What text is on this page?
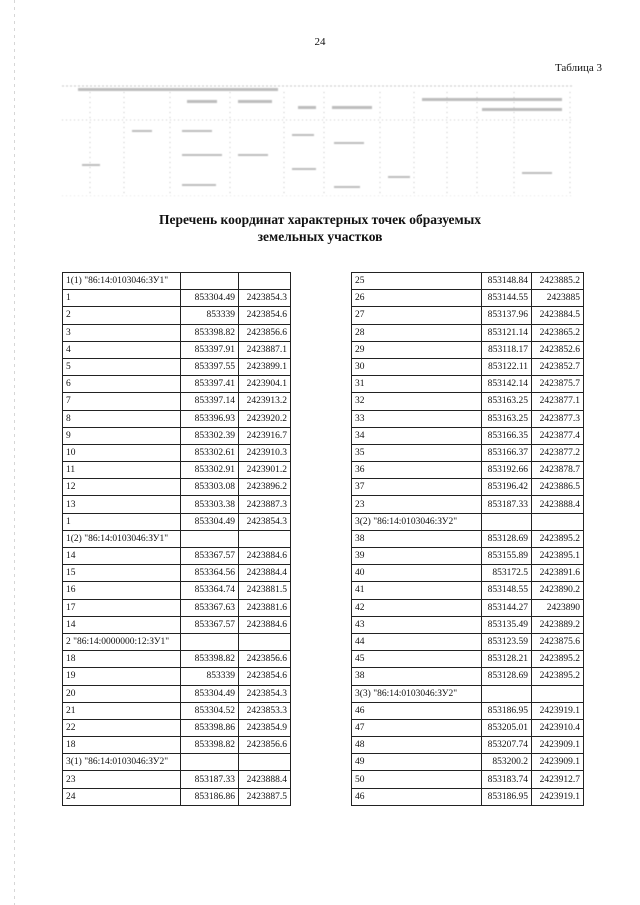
24
Таблица 3
Перечень координат характерных точек образуемых
земельных участков
1(1) "86:14:0103046:ЗУ1"		
1	853304.49	2423854.3
2	853339	2423854.6
3	853398.82	2423856.6
4	853397.91	2423887.1
5	853397.55	2423899.1
6	853397.41	2423904.1
7	853397.14	2423913.2
8	853396.93	2423920.2
9	853302.39	2423916.7
10	853302.61	2423910.3
11	853302.91	2423901.2
12	853303.08	2423896.2
13	853303.38	2423887.3
1	853304.49	2423854.3
1(2) "86:14:0103046:ЗУ1"		
14	853367.57	2423884.6
15	853364.56	2423884.4
16	853364.74	2423881.5
17	853367.63	2423881.6
14	853367.57	2423884.6
2 "86:14:0000000:12:ЗУ1"		
18	853398.82	2423856.6
19	853339	2423854.6
20	853304.49	2423854.3
21	853304.52	2423853.3
22	853398.86	2423854.9
18	853398.82	2423856.6
3(1) "86:14:0103046:ЗУ2"		
23	853187.33	2423888.4
24	853186.86	2423887.5
25	853148.84	2423885.2
26	853144.55	2423885
27	853137.96	2423884.5
28	853121.14	2423865.2
29	853118.17	2423852.6
30	853122.11	2423852.7
31	853142.14	2423875.7
32	853163.25	2423877.1
33	853163.25	2423877.3
34	853166.35	2423877.4
35	853166.37	2423877.2
36	853192.66	2423878.7
37	853196.42	2423886.5
23	853187.33	2423888.4
3(2) "86:14:0103046:ЗУ2"		
38	853128.69	2423895.2
39	853155.89	2423895.1
40	853172.5	2423891.6
41	853148.55	2423890.2
42	853144.27	2423890
43	853135.49	2423889.2
44	853123.59	2423875.6
45	853128.21	2423895.2
38	853128.69	2423895.2
3(3) "86:14:0103046:ЗУ2"		
46	853186.95	2423919.1
47	853205.01	2423910.4
48	853207.74	2423909.1
49	853200.2	2423909.1
50	853183.74	2423912.7
46	853186.95	2423919.1
